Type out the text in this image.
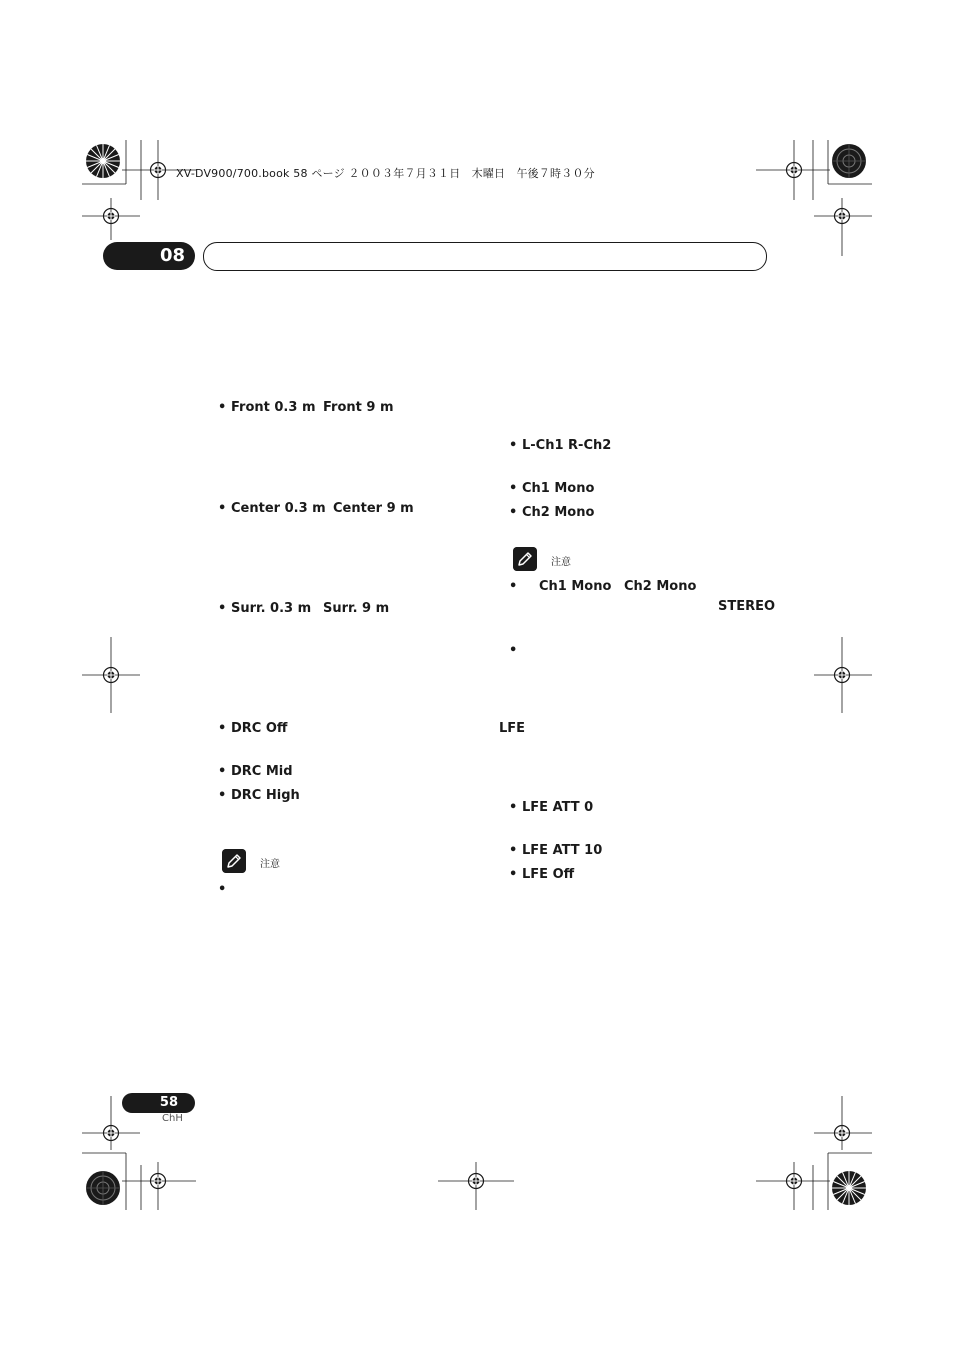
XV-DV900/700.book 58 ページ ２００３年７月３１日　木曜日　午後７時３０分
08
• Front 0.3 m Front 9 m
• Center 0.3 m Center 9 m
• Surr. 0.3 m Surr. 9 m
• DRC Off
• DRC Mid
• DRC High
注意
•
• L-Ch1 R-Ch2
• Ch1 Mono
• Ch2 Mono
注意
• Ch1 Mono Ch2 Mono
STEREO
•
LFE
• LFE ATT 0
• LFE ATT 10
• LFE Off
58
ChH
